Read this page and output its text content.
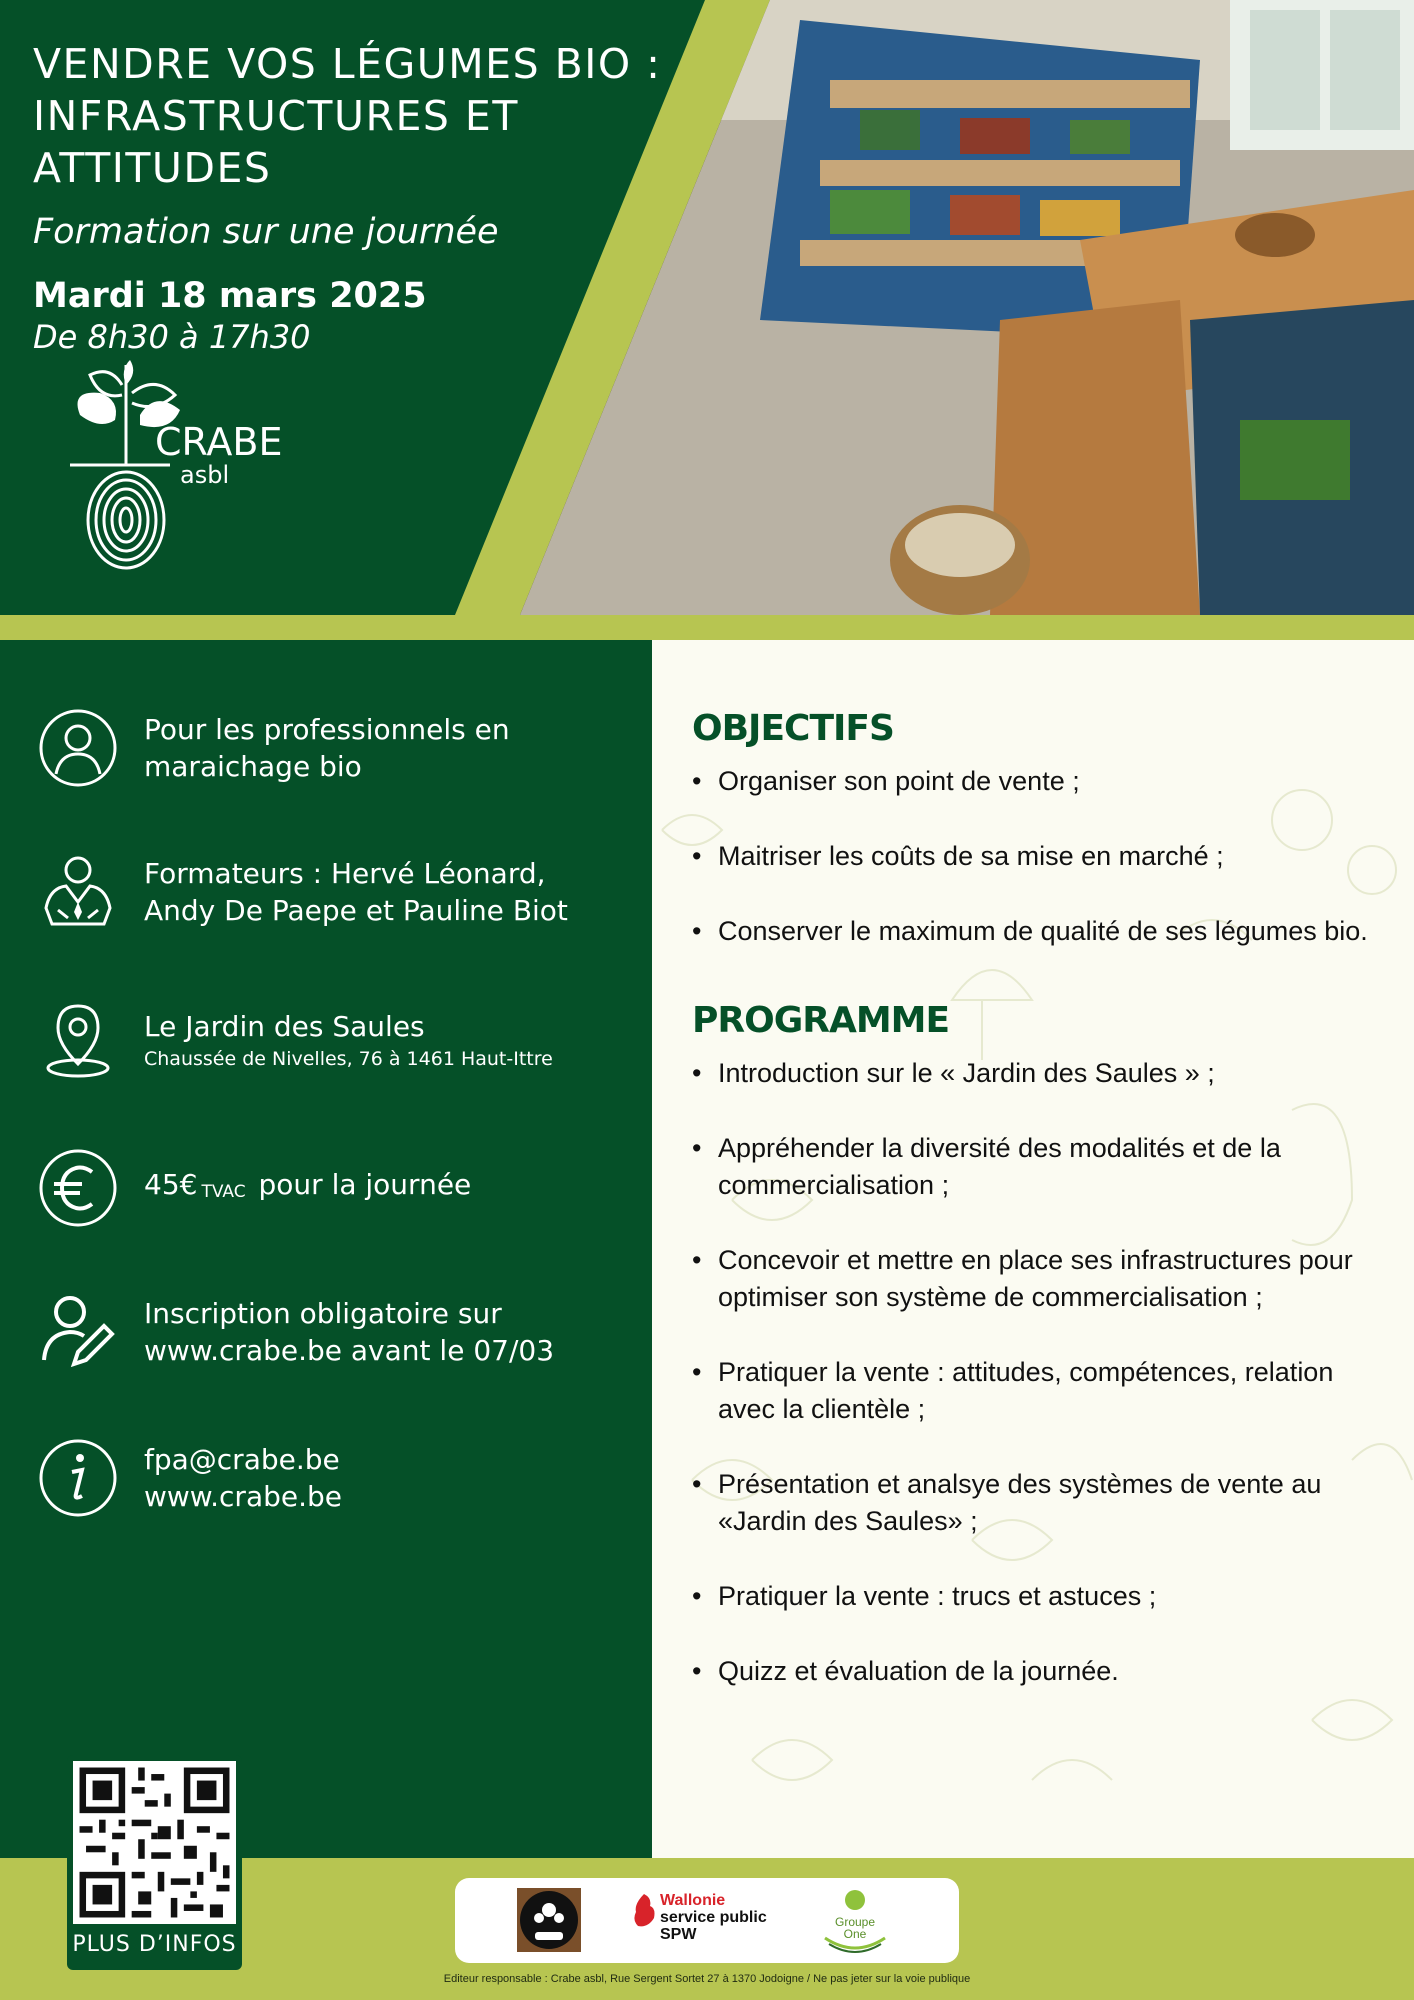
VENDRE VOS LÉGUMES BIO :
INFRASTRUCTURES ET ATTITUDES
Formation sur une journée
Mardi 18 mars 2025
De 8h30 à 17h30
CRABE
asbl
Pour les professionnels en
maraichage bio
Formateurs : Hervé Léonard,
Andy De Paepe et Pauline Biot
Le Jardin des Saules
Chaussée de Nivelles, 76 à 1461 Haut-Ittre
45€ TVAC pour la journée
Inscription obligatoire sur
www.crabe.be avant le 07/03
fpa@crabe.be
www.crabe.be
OBJECTIFS
• Organiser son point de vente ;
• Maitriser les coûts de sa mise en marché ;
• Conserver le maximum de qualité de ses légumes bio.
PROGRAMME
• Introduction sur le « Jardin des Saules » ;
• Appréhender la diversité des modalités et de la commercialisation ;
• Concevoir et mettre en place ses infrastructures pour optimiser son système de commercialisation ;
• Pratiquer la vente : attitudes, compétences, relation avec la clientèle ;
• Présentation et analsye des systèmes de vente au «Jardin des Saules» ;
• Pratiquer la vente : trucs et astuces ;
• Quizz et évaluation de la journée.
PLUS D’INFOS
Wallonie
service public
SPW
Groupe
One
Editeur responsable : Crabe asbl, Rue Sergent Sortet 27 à 1370 Jodoigne / Ne pas jeter sur la voie publique
